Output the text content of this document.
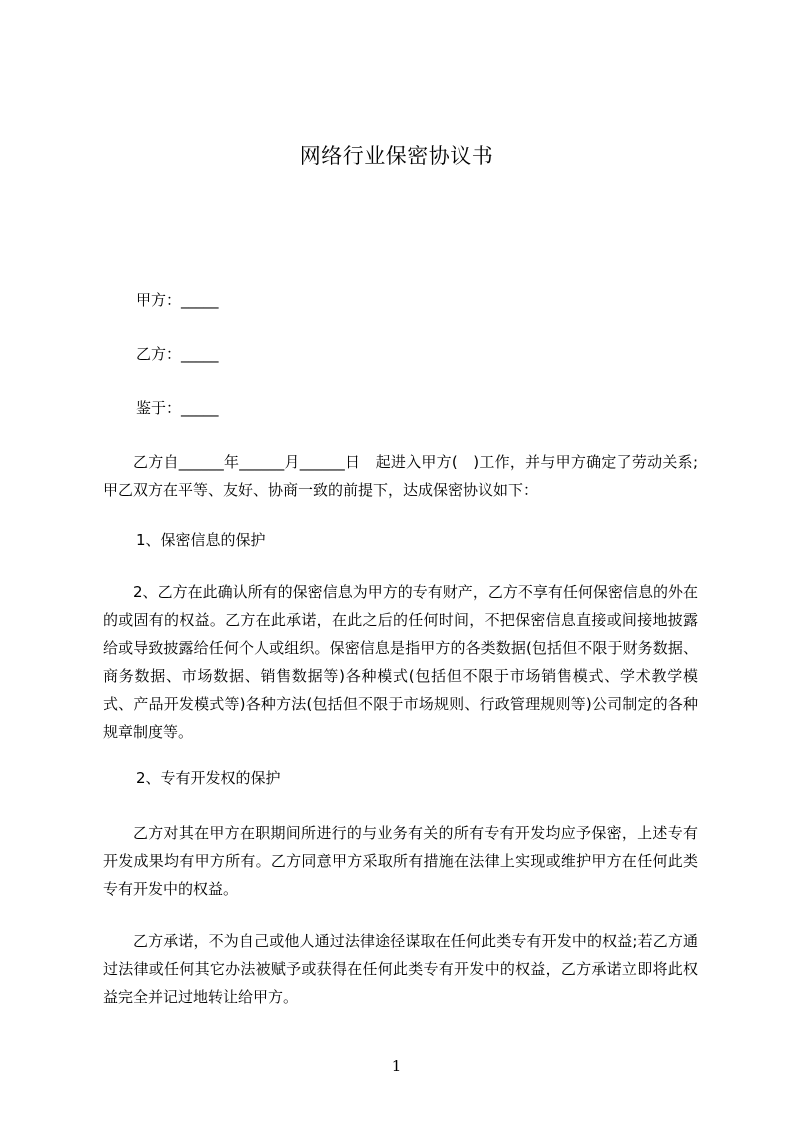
网络行业保密协议书
甲方：_____
乙方：_____
鉴于：_____
乙方自______年______月______日　起进入甲方(　)工作，并与甲方确定了劳动关系;甲乙双方在平等、友好、协商一致的前提下，达成保密协议如下：
1、保密信息的保护
2、乙方在此确认所有的保密信息为甲方的专有财产，乙方不享有任何保密信息的外在的或固有的权益。乙方在此承诺，在此之后的任何时间，不把保密信息直接或间接地披露给或导致披露给任何个人或组织。保密信息是指甲方的各类数据(包括但不限于财务数据、商务数据、市场数据、销售数据等)各种模式(包括但不限于市场销售模式、学术教学模式、产品开发模式等)各种方法(包括但不限于市场规则、行政管理规则等)公司制定的各种规章制度等。
2、专有开发权的保护
乙方对其在甲方在职期间所进行的与业务有关的所有专有开发均应予保密，上述专有开发成果均有甲方所有。乙方同意甲方采取所有措施在法律上实现或维护甲方在任何此类专有开发中的权益。
乙方承诺，不为自己或他人通过法律途径谋取在任何此类专有开发中的权益;若乙方通过法律或任何其它办法被赋予或获得在任何此类专有开发中的权益，乙方承诺立即将此权益完全并记过地转让给甲方。
1
